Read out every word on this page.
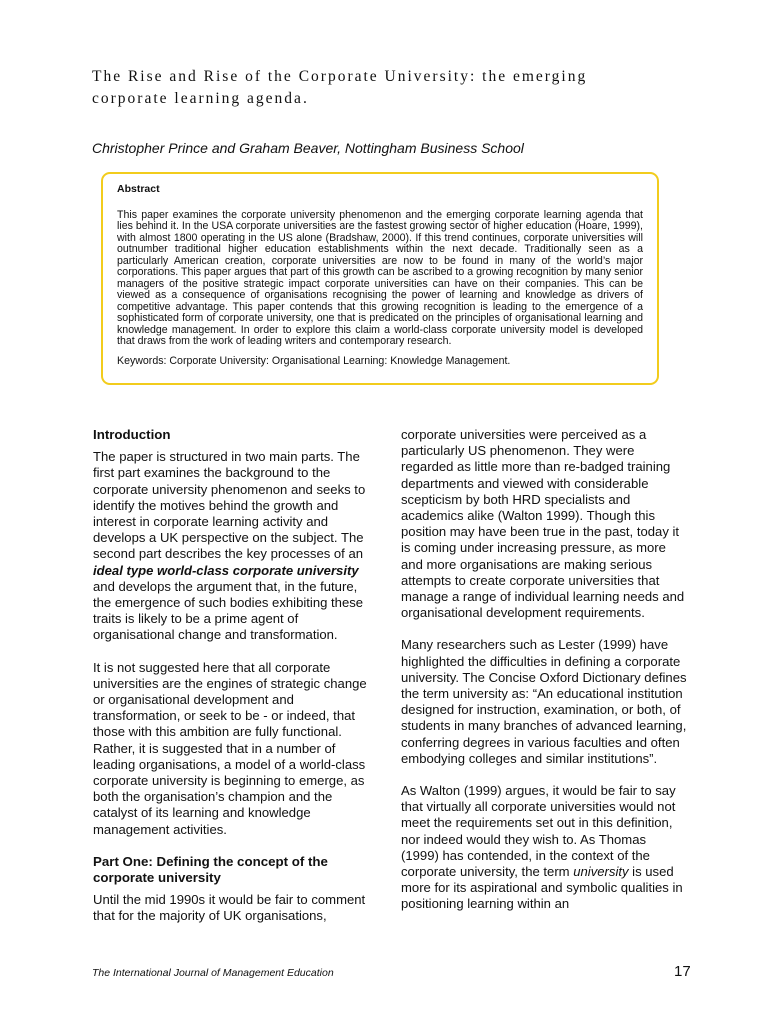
The Rise and Rise of the Corporate University: the emerging corporate learning agenda.
Christopher Prince and Graham Beaver, Nottingham Business School
Abstract

This paper examines the corporate university phenomenon and the emerging corporate learning agenda that lies behind it. In the USA corporate universities are the fastest growing sector of higher education (Hoare, 1999), with almost 1800 operating in the US alone (Bradshaw, 2000). If this trend continues, corporate universities will outnumber traditional higher education establishments within the next decade. Traditionally seen as a particularly American creation, corporate universities are now to be found in many of the world’s major corporations. This paper argues that part of this growth can be ascribed to a growing recognition by many senior managers of the positive strategic impact corporate universities can have on their companies. This can be viewed as a consequence of organisations recognising the power of learning and knowledge as drivers of competitive advantage. This paper contends that this growing recognition is leading to the emergence of a sophisticated form of corporate university, one that is predicated on the principles of organisational learning and knowledge management. In order to explore this claim a world-class corporate university model is developed that draws from the work of leading writers and contemporary research.

Keywords: Corporate University: Organisational Learning: Knowledge Management.

Introduction

The paper is structured in two main parts. The first part examines the background to the corporate university phenomenon and seeks to identify the motives behind the growth and interest in corporate learning activity and develops a UK perspective on the subject. The second part describes the key processes of an ideal type world-class corporate university and develops the argument that, in the future, the emergence of such bodies exhibiting these traits is likely to be a prime agent of organisational change and transformation.

It is not suggested here that all corporate universities are the engines of strategic change or organisational development and transformation, or seek to be - or indeed, that those with this ambition are fully functional. Rather, it is suggested that in a number of leading organisations, a model of a world-class corporate university is beginning to emerge, as both the organisation’s champion and the catalyst of its learning and knowledge management activities.

Part One: Defining the concept of the corporate university

Until the mid 1990s it would be fair to comment that for the majority of UK organisations,

corporate universities were perceived as a particularly US phenomenon. They were regarded as little more than re-badged training departments and viewed with considerable scepticism by both HRD specialists and academics alike (Walton 1999). Though this position may have been true in the past, today it is coming under increasing pressure, as more and more organisations are making serious attempts to create corporate universities that manage a range of individual learning needs and organisational development requirements.

Many researchers such as Lester (1999) have highlighted the difficulties in defining a corporate university. The Concise Oxford Dictionary defines the term university as: “An educational institution designed for instruction, examination, or both, of students in many branches of advanced learning, conferring degrees in various faculties and often embodying colleges and similar institutions”.

As Walton (1999) argues, it would be fair to say that virtually all corporate universities would not meet the requirements set out in this definition, nor indeed would they wish to. As Thomas (1999) has contended, in the context of the corporate university, the term university is used more for its aspirational and symbolic qualities in positioning learning within an

The International Journal of Management Education	17
